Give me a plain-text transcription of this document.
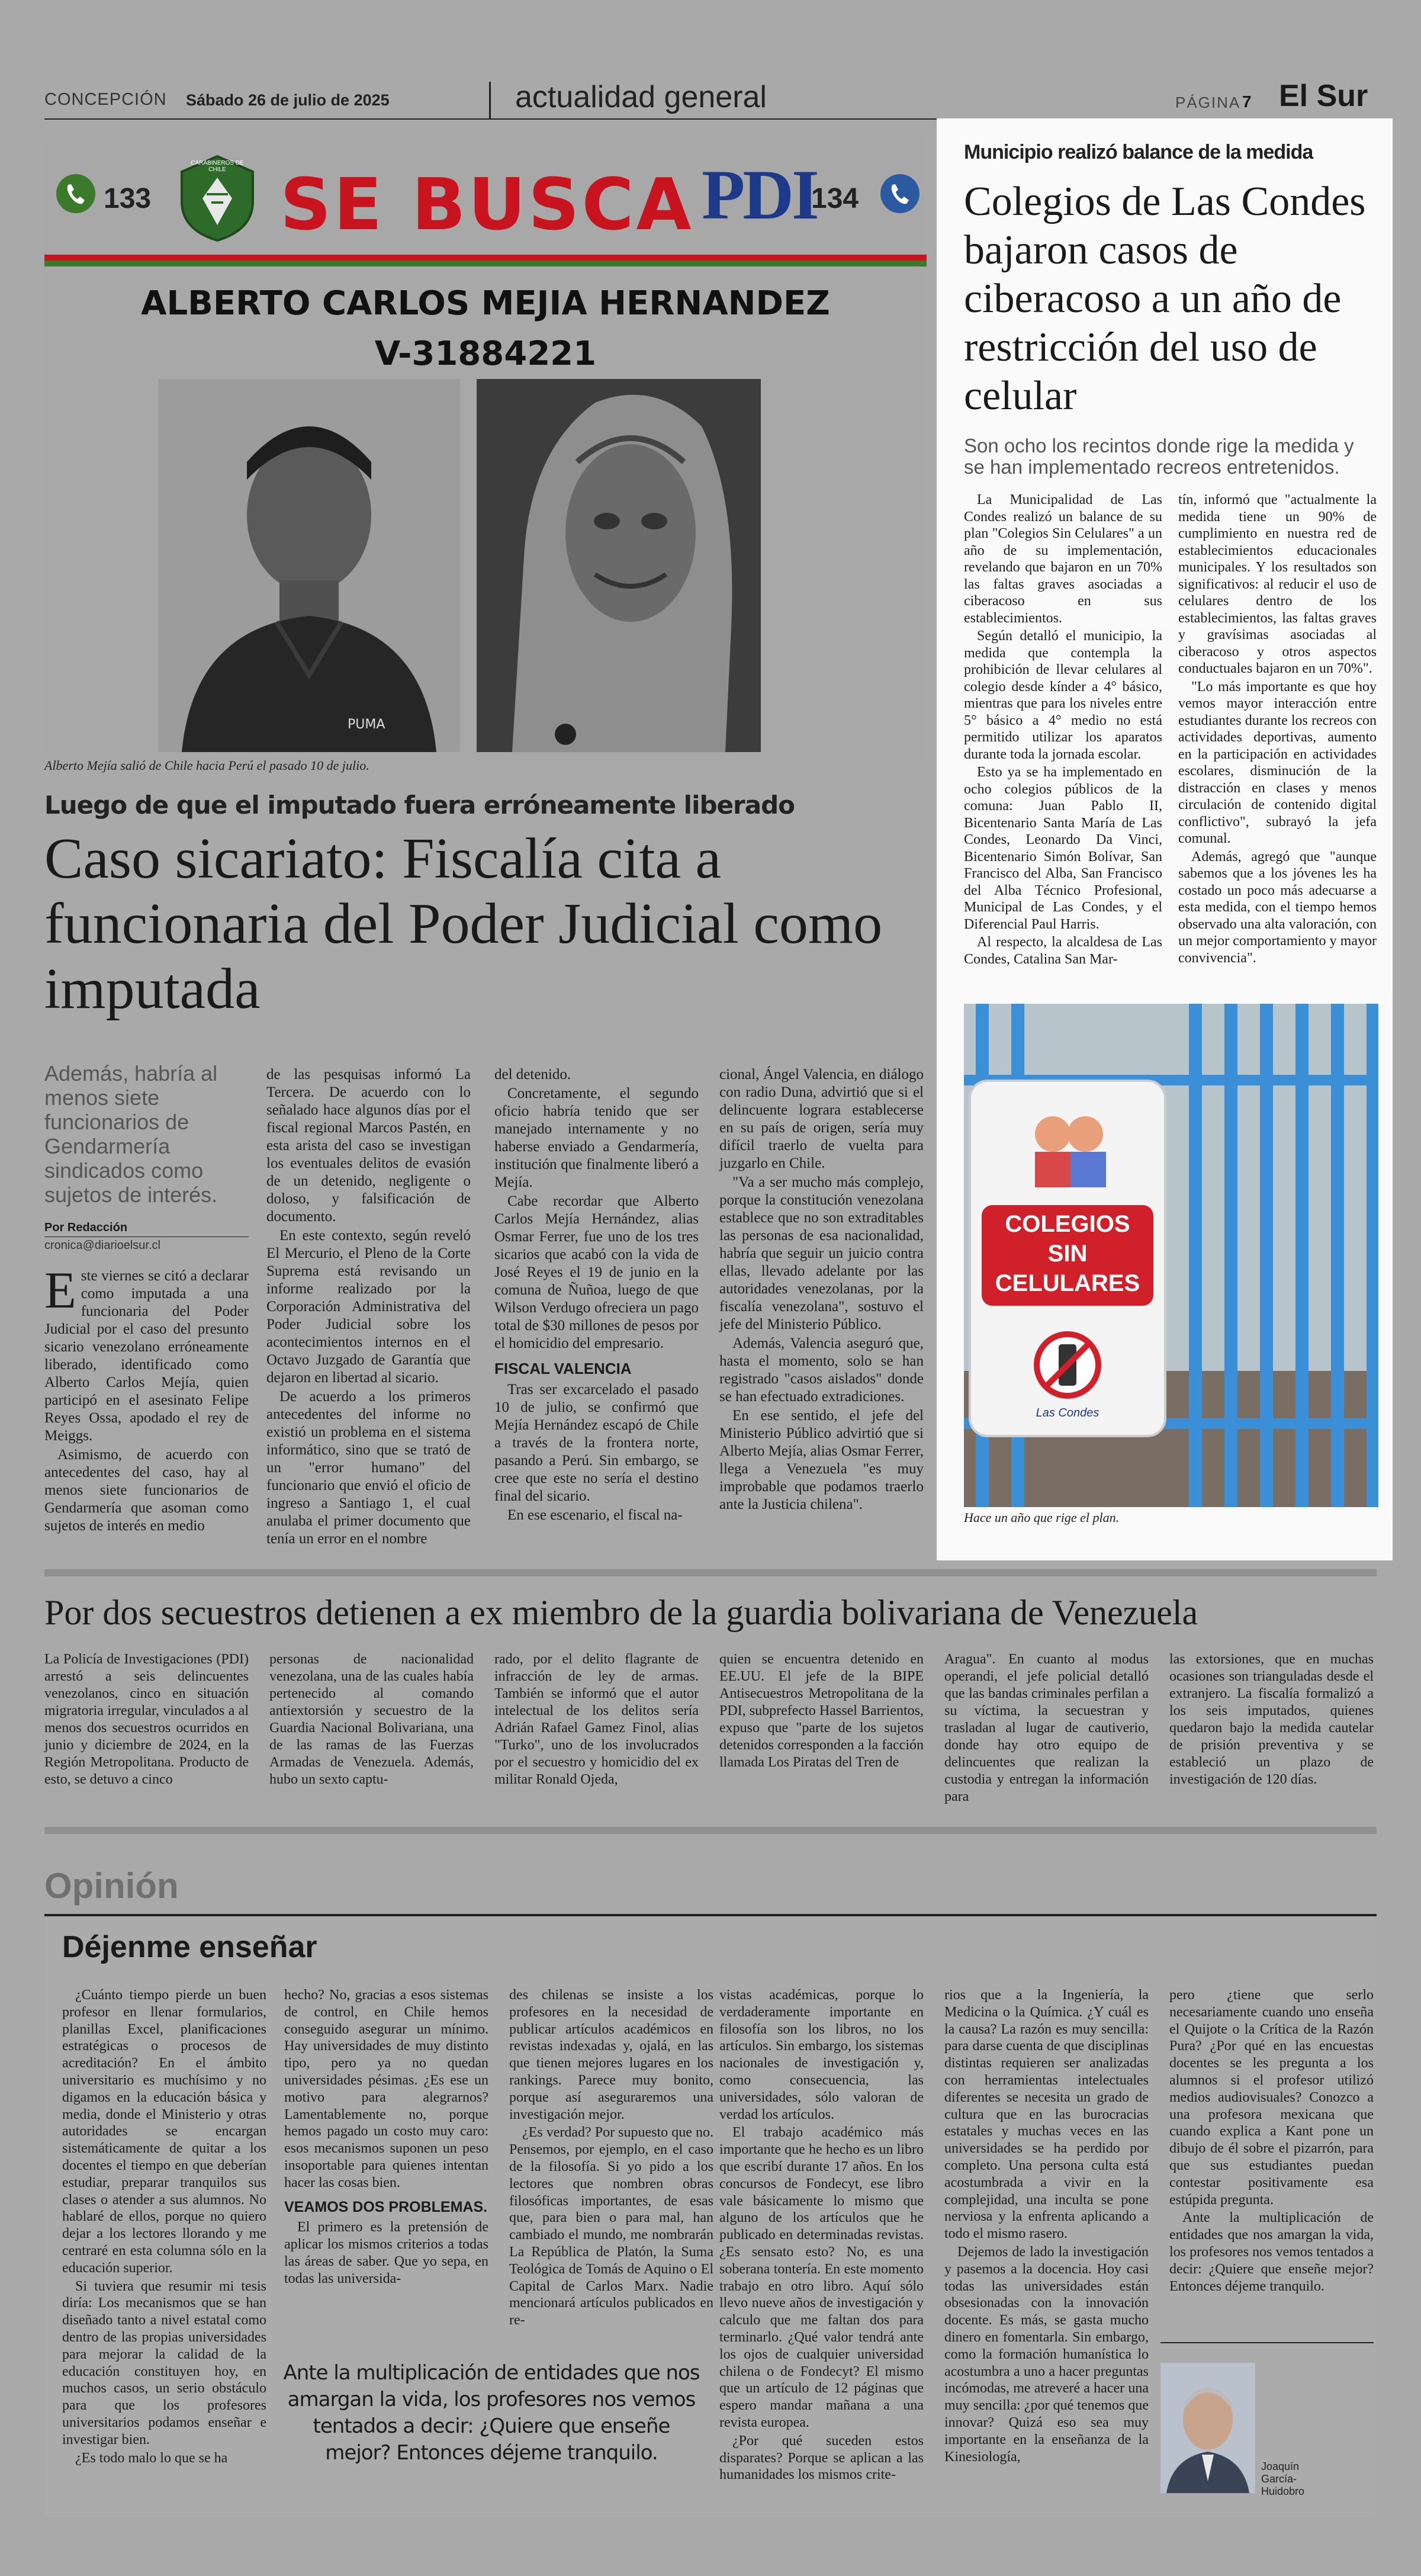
CONCEPCIÓN Sábado 26 de julio de 2025	actualidad general	PÁGINA 7 El Sur
133
CARABINEROS DE CHILE SE BUSCA PDI
134
ALBERTO CARLOS MEJIA HERNANDEZ
V-31884221
PUMA
Alberto Mejía salió de Chile hacia Perú el pasado 10 de julio.
Luego de que el imputado fuera erróneamente liberado
Caso sicariato: Fiscalía cita a funcionaria del Poder Judicial como imputada
Además, habría al menos siete funcionarios de Gendarmería sindicados como sujetos de interés.
Por Redacción
cronica@diarioelsur.cl
E ste viernes se citó a declarar como imputada a una funcionaria del Poder Judicial por el caso del presunto sicario venezolano erróneamente liberado, identificado como Alberto Carlos Mejía, quien participó en el asesinato Felipe Reyes Ossa, apodado el rey de Meiggs.

Asimismo, de acuerdo con antecedentes del caso, hay al menos siete funcionarios de Gendarmería que asoman como sujetos de interés en medio

de las pesquisas informó La Tercera. De acuerdo con lo señalado hace algunos días por el fiscal regional Marcos Pastén, en esta arista del caso se investigan los eventuales delitos de evasión de un detenido, negligente o doloso, y falsificación de documento.

En este contexto, según reveló El Mercurio, el Pleno de la Corte Suprema está revisando un informe realizado por la Corporación Administrativa del Poder Judicial sobre los acontecimientos internos en el Octavo Juzgado de Garantía que dejaron en libertad al sicario.

De acuerdo a los primeros antecedentes del informe no existió un problema en el sistema informático, sino que se trató de un "error humano" del funcionario que envió el oficio de ingreso a Santiago 1, el cual anulaba el primer documento que tenía un error en el nombre

del detenido.

Concretamente, el segundo oficio habría tenido que ser manejado internamente y no haberse enviado a Gendarmería, institución que finalmente liberó a Mejía.

Cabe recordar que Alberto Carlos Mejía Hernández, alias Osmar Ferrer, fue uno de los tres sicarios que acabó con la vida de José Reyes el 19 de junio en la comuna de Ñuñoa, luego de que Wilson Verdugo ofreciera un pago total de $30 millones de pesos por el homicidio del empresario.

FISCAL VALENCIA

Tras ser excarcelado el pasado 10 de julio, se confirmó que Mejía Hernández escapó de Chile a través de la frontera norte, pasando a Perú. Sin embargo, se cree que este no sería el destino final del sicario.

En ese escenario, el fiscal na-

cional, Ángel Valencia, en diálogo con radio Duna, advirtió que si el delincuente lograra establecerse en su país de origen, sería muy difícil traerlo de vuelta para juzgarlo en Chile.

"Va a ser mucho más complejo, porque la constitución venezolana establece que no son extraditables las personas de esa nacionalidad, habría que seguir un juicio contra ellas, llevado adelante por las autoridades venezolanas, por la fiscalía venezolana", sostuvo el jefe del Ministerio Público.

Además, Valencia aseguró que, hasta el momento, solo se han registrado "casos aislados" donde se han efectuado extradiciones.

En ese sentido, el jefe del Ministerio Público advirtió que si Alberto Mejía, alias Osmar Ferrer, llega a Venezuela "es muy improbable que podamos traerlo ante la Justicia chilena".

Municipio realizó balance de la medida
Colegios de Las Condes bajaron casos de ciberacoso a un año de restricción del uso de celular
Son ocho los recintos donde rige la medida y se han implementado recreos entretenidos.

La Municipalidad de Las Condes realizó un balance de su plan "Colegios Sin Celulares" a un año de su implementación, revelando que bajaron en un 70% las faltas graves asociadas a ciberacoso en sus establecimientos.

Según detalló el municipio, la medida que contempla la prohibición de llevar celulares al colegio desde kínder a 4° básico, mientras que para los niveles entre 5° básico a 4° medio no está permitido utilizar los aparatos durante toda la jornada escolar.

Esto ya se ha implementado en ocho colegios públicos de la comuna: Juan Pablo II, Bicentenario Santa María de Las Condes, Leonardo Da Vinci, Bicentenario Simón Bolívar, San Francisco del Alba, San Francisco del Alba Técnico Profesional, Municipal de Las Condes, y el Diferencial Paul Harris.

Al respecto, la alcaldesa de Las Condes, Catalina San Mar-

tín, informó que "actualmente la medida tiene un 90% de cumplimiento en nuestra red de establecimientos educacionales municipales. Y los resultados son significativos: al reducir el uso de celulares dentro de los establecimientos, las faltas graves y gravísimas asociadas al ciberacoso y otros aspectos conductuales bajaron en un 70%".

"Lo más importante es que hoy vemos mayor interacción entre estudiantes durante los recreos con actividades deportivas, aumento en la participación en actividades escolares, disminución de la distracción en clases y menos circulación de contenido digital conflictivo", subrayó la jefa comunal.

Además, agregó que "aunque sabemos que a los jóvenes les ha costado un poco más adecuarse a esta medida, con el tiempo hemos observado una alta valoración, con un mejor comportamiento y mayor convivencia".

COLEGIOS
SIN
CELULARES
Las Condes
Hace un año que rige el plan.
Por dos secuestros detienen a ex miembro de la guardia bolivariana de Venezuela
La Policía de Investigaciones (PDI) arrestó a seis delincuentes venezolanos, cinco en situación migratoria irregular, vinculados a al menos dos secuestros ocurridos en junio y diciembre de 2024, en la Región Metropolitana. Producto de esto, se detuvo a cinco
personas de nacionalidad venezolana, una de las cuales había pertenecido al comando antiextorsión y secuestro de la Guardia Nacional Bolivariana, una de las ramas de las Fuerzas Armadas de Venezuela. Además, hubo un sexto captu-
rado, por el delito flagrante de infracción de ley de armas. También se informó que el autor intelectual de los delitos sería Adrián Rafael Gamez Finol, alias "Turko", uno de los involucrados por el secuestro y homicidio del ex militar Ronald Ojeda,
quien se encuentra detenido en EE.UU. El jefe de la BIPE Antisecuestros Metropolitana de la PDI, subprefecto Hassel Barrientos, expuso que "parte de los sujetos detenidos corresponden a la facción llamada Los Piratas del Tren de
Aragua". En cuanto al modus operandi, el jefe policial detalló que las bandas criminales perfilan a su víctima, la secuestran y trasladan al lugar de cautiverio, donde hay otro equipo de delincuentes que realizan la custodia y entregan la información para
las extorsiones, que en muchas ocasiones son trianguladas desde el extranjero. La fiscalía formalizó a los seis imputados, quienes quedaron bajo la medida cautelar de prisión preventiva y se estableció un plazo de investigación de 120 días.
Opinión
Déjenme enseñar

¿Cuánto tiempo pierde un buen profesor en llenar formularios, planillas Excel, planificaciones estratégicas o procesos de acreditación? En el ámbito universitario es muchísimo y no digamos en la educación básica y media, donde el Ministerio y otras autoridades se encargan sistemáticamente de quitar a los docentes el tiempo en que deberían estudiar, preparar tranquilos sus clases o atender a sus alumnos. No hablaré de ellos, porque no quiero dejar a los lectores llorando y me centraré en esta columna sólo en la educación superior.

Si tuviera que resumir mi tesis diría: Los mecanismos que se han diseñado tanto a nivel estatal como dentro de las propias universidades para mejorar la calidad de la educación constituyen hoy, en muchos casos, un serio obstáculo para que los profesores universitarios podamos enseñar e investigar bien.

¿Es todo malo lo que se ha

hecho? No, gracias a esos sistemas de control, en Chile hemos conseguido asegurar un mínimo. Hay universidades de muy distinto tipo, pero ya no quedan universidades pésimas. ¿Es ese un motivo para alegrarnos? Lamentablemente no, porque hemos pagado un costo muy caro: esos mecanismos suponen un peso insoportable para quienes intentan hacer las cosas bien.

VEAMOS DOS PROBLEMAS.

El primero es la pretensión de aplicar los mismos criterios a todas las áreas de saber. Que yo sepa, en todas las universida-

des chilenas se insiste a los profesores en la necesidad de publicar artículos académicos en revistas indexadas y, ojalá, en las que tienen mejores lugares en los rankings. Parece muy bonito, porque así aseguraremos una investigación mejor.

¿Es verdad? Por supuesto que no. Pensemos, por ejemplo, en el caso de la filosofía. Si yo pido a los lectores que nombren obras filosóficas importantes, de esas que, para bien o para mal, han cambiado el mundo, me nombrarán La República de Platón, la Suma Teológica de Tomás de Aquino o El Capital de Carlos Marx. Nadie mencionará artículos publicados en re-

vistas académicas, porque lo verdaderamente importante en filosofía son los libros, no los artículos. Sin embargo, los sistemas nacionales de investigación y, como consecuencia, las universidades, sólo valoran de verdad los artículos.

El trabajo académico más importante que he hecho es un libro que escribí durante 17 años. En los concursos de Fondecyt, ese libro vale básicamente lo mismo que alguno de los artículos que he publicado en determinadas revistas. ¿Es sensato esto? No, es una soberana tontería. En este momento trabajo en otro libro. Aquí sólo llevo nueve años de investigación y calculo que me faltan dos para terminarlo. ¿Qué valor tendrá ante los ojos de cualquier universidad chilena o de Fondecyt? El mismo que un artículo de 12 páginas que espero mandar mañana a una revista europea.

¿Por qué suceden estos disparates? Porque se aplican a las humanidades los mismos crite-

rios que a la Ingeniería, la Medicina o la Química. ¿Y cuál es la causa? La razón es muy sencilla: para darse cuenta de que disciplinas distintas requieren ser analizadas con herramientas intelectuales diferentes se necesita un grado de cultura que en las burocracias estatales y muchas veces en las universidades se ha perdido por completo. Una persona culta está acostumbrada a vivir en la complejidad, una inculta se pone nerviosa y la enfrenta aplicando a todo el mismo rasero.

Dejemos de lado la investigación y pasemos a la docencia. Hoy casi todas las universidades están obsesionadas con la innovación docente. Es más, se gasta mucho dinero en fomentarla. Sin embargo, como la formación humanística lo acostumbra a uno a hacer preguntas incómodas, me atreveré a hacer una muy sencilla: ¿por qué tenemos que innovar? Quizá eso sea muy importante en la enseñanza de la Kinesiología,

pero ¿tiene que serlo necesariamente cuando uno enseña el Quijote o la Crítica de la Razón Pura? ¿Por qué en las encuestas docentes se les pregunta a los alumnos si el profesor utilizó medios audiovisuales? Conozco a una profesora mexicana que cuando explica a Kant pone un dibujo de él sobre el pizarrón, para que sus estudiantes puedan contestar positivamente esa estúpida pregunta.

Ante la multiplicación de entidades que nos amargan la vida, los profesores nos vemos tentados a decir: ¿Quiere que enseñe mejor? Entonces déjeme tranquilo.

Ante la multiplicación de entidades que nos amargan la vida, los profesores nos vemos tentados a decir: ¿Quiere que enseñe mejor? Entonces déjeme tranquilo.
Joaquín García-Huidobro
